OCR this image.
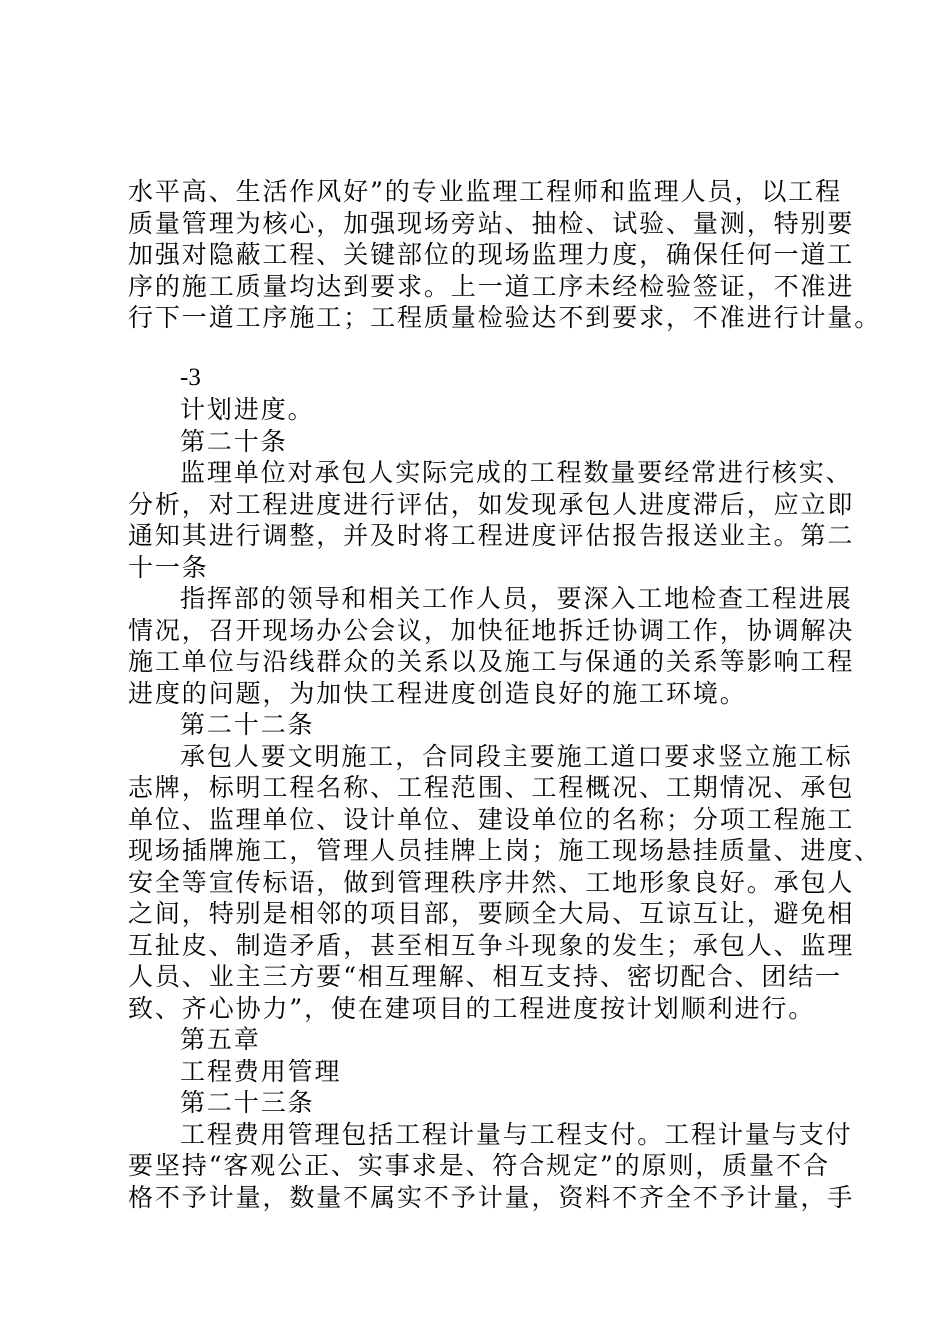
水平高、生活作风好”的专业监理工程师和监理人员，以工程
质量管理为核心，加强现场旁站、抽检、试验、量测，特别要
加强对隐蔽工程、关键部位的现场监理力度，确保任何一道工
序的施工质量均达到要求。上一道工序未经检验签证，不准进
行下一道工序施工；工程质量检验达不到要求，不准进行计量。
-3
计划进度。
第二十条
监理单位对承包人实际完成的工程数量要经常进行核实、
分析，对工程进度进行评估，如发现承包人进度滞后，应立即
通知其进行调整，并及时将工程进度评估报告报送业主。第二
十一条
指挥部的领导和相关工作人员，要深入工地检查工程进展
情况，召开现场办公会议，加快征地拆迁协调工作，协调解决
施工单位与沿线群众的关系以及施工与保通的关系等影响工程
进度的问题，为加快工程进度创造良好的施工环境。
第二十二条
承包人要文明施工，合同段主要施工道口要求竖立施工标
志牌，标明工程名称、工程范围、工程概况、工期情况、承包
单位、监理单位、设计单位、建设单位的名称；分项工程施工
现场插牌施工，管理人员挂牌上岗；施工现场悬挂质量、进度、
安全等宣传标语，做到管理秩序井然、工地形象良好。承包人
之间，特别是相邻的项目部，要顾全大局、互谅互让，避免相
互扯皮、制造矛盾，甚至相互争斗现象的发生；承包人、监理
人员、业主三方要“相互理解、相互支持、密切配合、团结一
致、齐心协力”，使在建项目的工程进度按计划顺利进行。
第五章
工程费用管理
第二十三条
工程费用管理包括工程计量与工程支付。工程计量与支付
要坚持“客观公正、实事求是、符合规定”的原则，质量不合
格不予计量，数量不属实不予计量，资料不齐全不予计量，手
